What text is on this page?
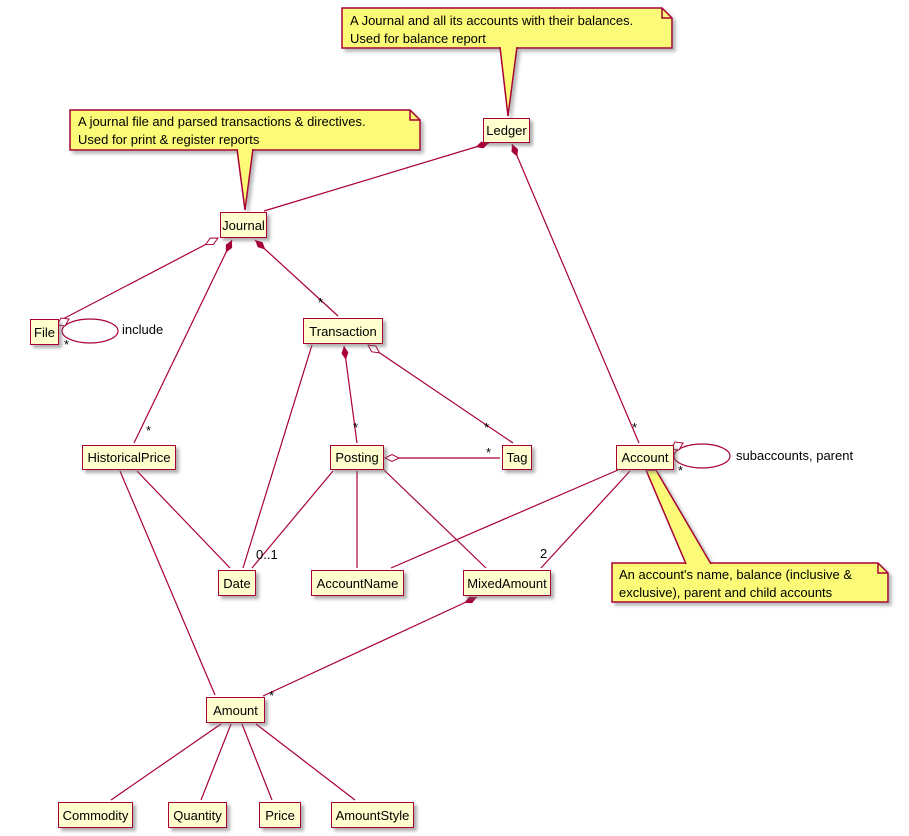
Ledger
Journal
File	Transaction
HistoricalPrice	Posting	Tag	Account
Date	AccountName	MixedAmount
Amount
Commodity	Quantity	Price	AmountStyle
A Journal and all its accounts with their balances.
Used for balance report
A journal file and parsed transactions & directives.
Used for print & register reports
An account's name, balance (inclusive &
exclusive), parent and child accounts
include
subaccounts, parent
*
*
*
*	*
*
*
*
0..1	2
*
